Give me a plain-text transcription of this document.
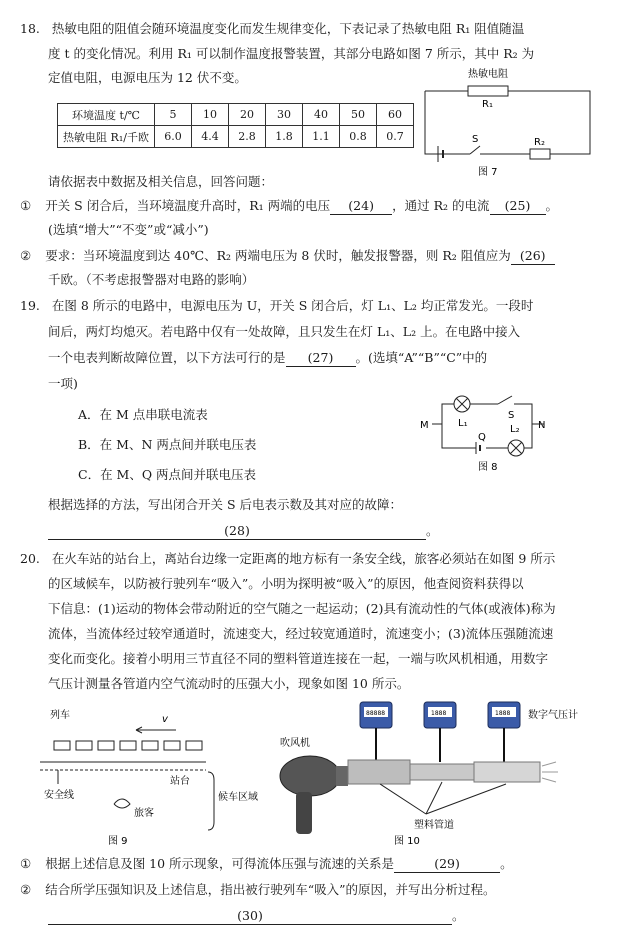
18. 热敏电阻的阻值会随环境温度变化而发生规律变化，下表记录了热敏电阻 R₁ 阻值随温
度 t 的变化情况。利用 R₁ 可以制作温度报警装置，其部分电路如图 7 所示，其中 R₂ 为
定值电阻，电源电压为 12 伏不变。
环境温度 t/℃	5	10	20	30	40	50	60
热敏电阻 R₁/千欧	6.0	4.4	2.8	1.8	1.1	0.8	0.7
热敏电阻
R₁
R₂
S
图 7
请依据表中数据及相关信息，回答问题：
① 开关 S 闭合后，当环境温度升高时，R₁ 两端的电压 (24) ，通过 R₂ 的电流 (25) 。
(选填“增大”“不变”或“减小”)
② 要求：当环境温度到达 40℃、R₂ 两端电压为 8 伏时，触发报警器，则 R₂ 阻值应为 (26)
千欧。（不考虑报警器对电路的影响）
19. 在图 8 所示的电路中，电源电压为 U，开关 S 闭合后，灯 L₁、L₂ 均正常发光。一段时
间后，两灯均熄灭。若电路中仅有一处故障，且只发生在灯 L₁、L₂ 上。在电路中接入
一个电表判断故障位置，以下方法可行的是 (27) 。(选填“A”“B”“C”中的
一项)
A．在 M 点串联电流表
B．在 M、N 两点间并联电压表
C．在 M、Q 两点间并联电压表
M	N
S
L₁
L₂
Q
图 8
根据选择的方法，写出闭合开关 S 后电表示数及其对应的故障：
(28)	。
20. 在火车站的站台上，离站台边缘一定距离的地方标有一条安全线，旅客必须站在如图 9 所示
的区域候车，以防被行驶列车“吸入”。小明为探明被“吸入”的原因，他查阅资料获得以
下信息：(1)运动的物体会带动附近的空气随之一起运动；(2)具有流动性的气体(或液体)称为
流体，当流体经过较窄通道时，流速变大，经过较宽通道时，流速变小；(3)流体压强随流速
变化而变化。接着小明用三节直径不同的塑料管道连接在一起，一端与吹风机相通，用数字
气压计测量各管道内空气流动时的压强大小，现象如图 10 所示。
列车	v
站台
安全线
旅客
候车区域
图 9
88888	1888	1888 数字气压计
吹风机
塑料管道
图 10
① 根据上述信息及图 10 所示现象，可得流体压强与流速的关系是	(29)	。
② 结合所学压强知识及上述信息，指出被行驶列车“吸入”的原因，并写出分析过程。
(30)	。
